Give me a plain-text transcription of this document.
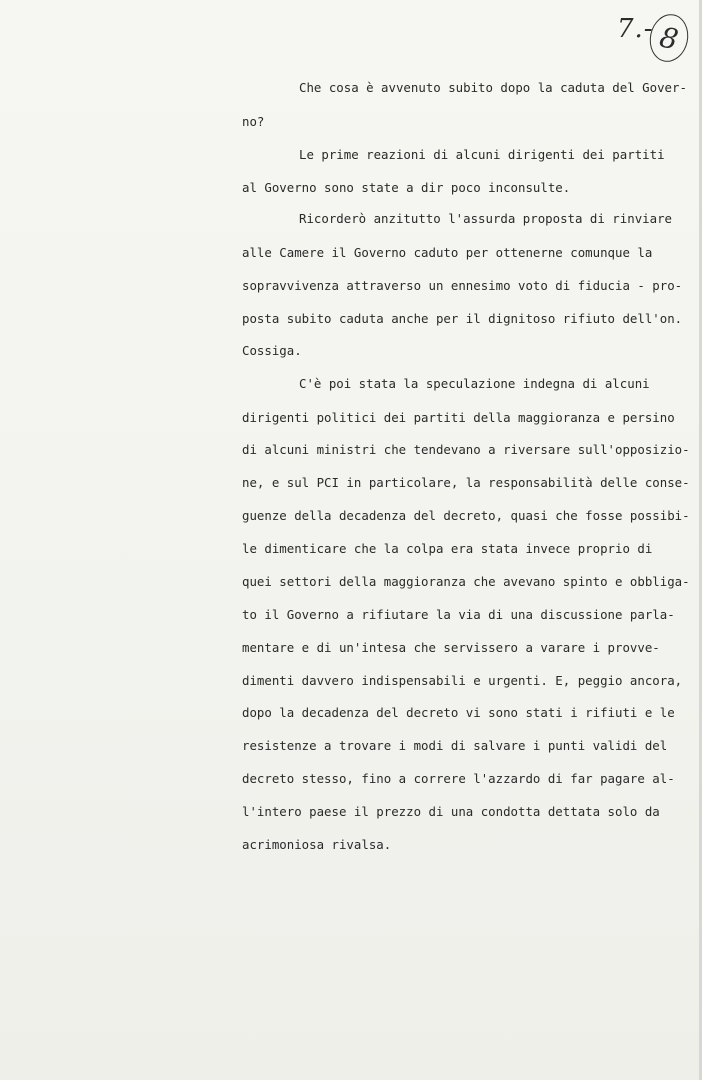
7.- 8
Che cosa è avvenuto subito dopo la caduta del Gover-
no?
Le prime reazioni di alcuni dirigenti dei partiti
al Governo sono state a dir poco inconsulte.
Ricorderò anzitutto l'assurda proposta di rinviare
alle Camere il Governo caduto per ottenerne comunque la
sopravvivenza attraverso un ennesimo voto di fiducia - pro-
posta subito caduta anche per il dignitoso rifiuto dell'on.
Cossiga.
C'è poi stata la speculazione indegna di alcuni
dirigenti politici dei partiti della maggioranza e persino
di alcuni ministri che tendevano a riversare sull'opposizio-
ne, e sul PCI in particolare, la responsabilità delle conse-
guenze della decadenza del decreto, quasi che fosse possibi-
le dimenticare che la colpa era stata invece proprio di
quei settori della maggioranza che avevano spinto e obbliga-
to il Governo a rifiutare la via di una discussione parla-
mentare e di un'intesa che servissero a varare i provve-
dimenti davvero indispensabili e urgenti. E, peggio ancora,
dopo la decadenza del decreto vi sono stati i rifiuti e le
resistenze a trovare i modi di salvare i punti validi del
decreto stesso, fino a correre l'azzardo di far pagare al-
l'intero paese il prezzo di una condotta dettata solo da
acrimoniosa rivalsa.
